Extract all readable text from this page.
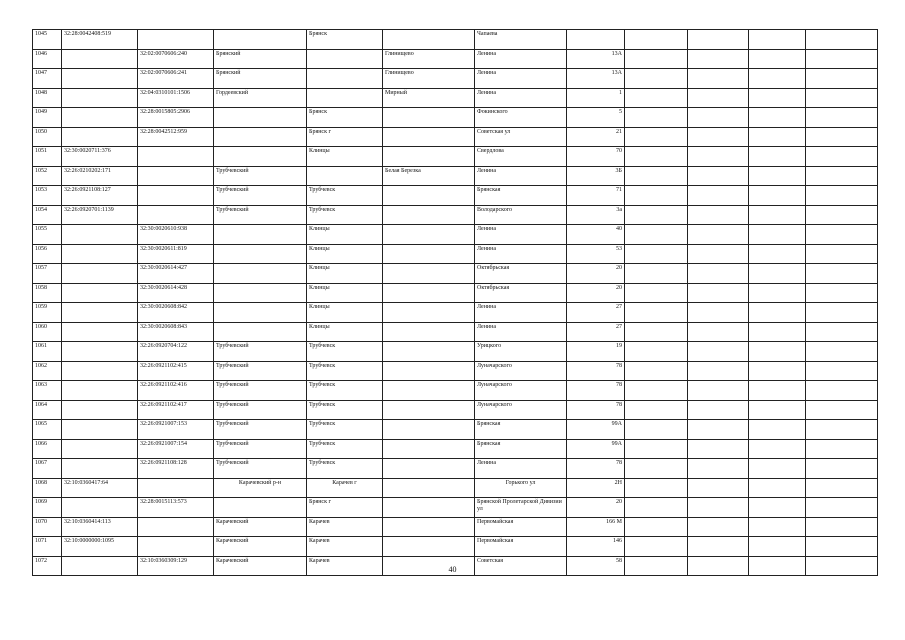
1045	32:28:0042408:519			Брянск		Чапаева					
1046		32:02:0070606:240	Брянский		Глинищево	Ленина	13А				
1047		32:02:0070606:241	Брянский		Глинищево	Ленина	13А				
1048		32:04:0310101:1506	Гордеевский		Мирный	Ленина	1				
1049		32:28:0015805:2906		Брянск		Фокинского	5				
1050		32:28:0042512:959		Брянск г		Советская ул	21				
1051	32:30:0020711:376			Клинцы		Свердлова	70				
1052	32:26:0210202:171		Трубчевский		Белая Березка	Ленина	3Б				
1053	32:26:0921108:127		Трубчевский	Трубчевск		Брянская	71				
1054	32:26:0920701:1139		Трубчевский	Трубчевск		Володарского	3а				
1055		32:30:0020610:938		Клинцы		Ленина	40				
1056		32:30:0020611:819		Клинцы		Ленина	53				
1057		32:30:0020614:427		Клинцы		Октябрьская	20				
1058		32:30:0020614:428		Клинцы		Октябрьская	20				
1059		32:30:0020608:842		Клинцы		Ленина	27				
1060		32:30:0020608:843		Клинцы		Ленина	27				
1061		32:26:0920704:122	Трубчевский	Трубчевск		Урицкого	19				
1062		32:26:0921102:415	Трубчевский	Трубчевск		Луначарского	78				
1063		32:26:0921102:416	Трубчевский	Трубчевск		Луначарского	78				
1064		32:26:0921102:417	Трубчевский	Трубчевск		Луначарского	78				
1065		32:26:0921007:153	Трубчевский	Трубчевск		Брянская	99А				
1066		32:26:0921007:154	Трубчевский	Трубчевск		Брянская	99А				
1067		32:26:0921108:128	Трубчевский	Трубчевск		Ленина	78				
1068	32:10:0360417:64		Карачевский р-н	Карачев г		Горького ул	2Н				
1069		32:28:0015113:573		Брянск г		Брянской Пролетарской Дивизии ул	20				
1070	32:10:0360414:113		Карачевский	Карачев		Первомайская	166 М				
1071	32:10:0000000:1095		Карачевский	Карачев		Первомайская	146				
1072		32:10:0360309:129	Карачевский	Карачев		Советская	58				
40
